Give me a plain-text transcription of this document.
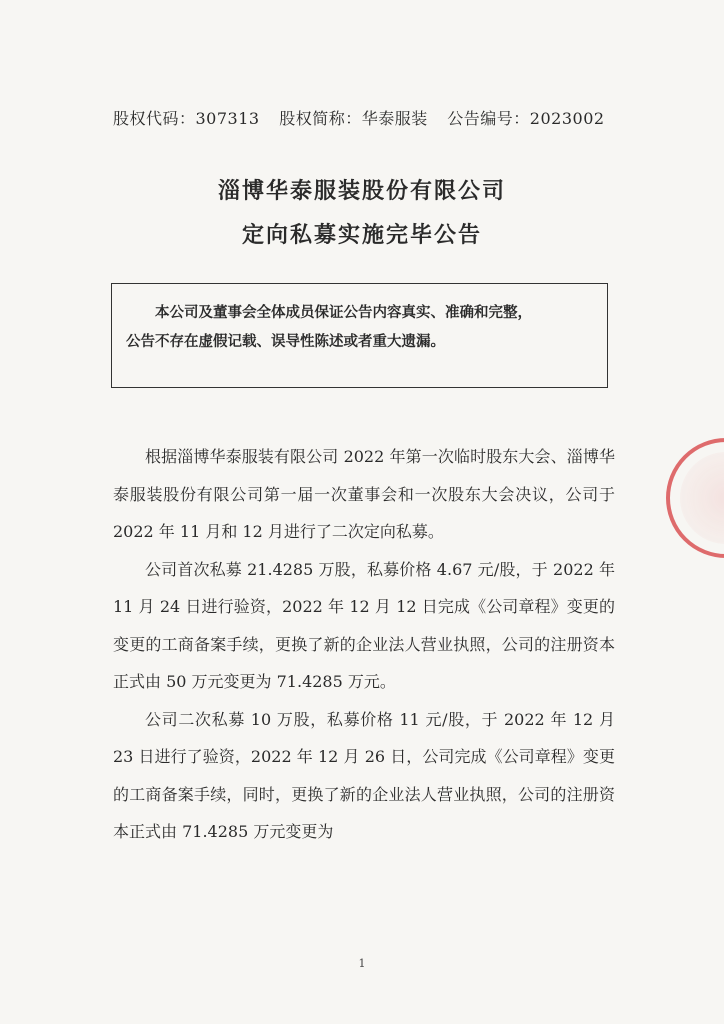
股权代码：307313 股权简称：华泰服装 公告编号：2023002
淄博华泰服装股份有限公司
定向私募实施完毕公告

本公司及董事会全体成员保证公告内容真实、准确和完整，

公告不存在虚假记载、误导性陈述或者重大遗漏。

根据淄博华泰服装有限公司 2022 年第一次临时股东大会、淄博华泰服装股份有限公司第一届一次董事会和一次股东大会决议，公司于 2022 年 11 月和 12 月进行了二次定向私募。

公司首次私募 21.4285 万股，私募价格 4.67 元/股，于 2022 年 11 月 24 日进行验资，2022 年 12 月 12 日完成《公司章程》变更的变更的工商备案手续，更换了新的企业法人营业执照，公司的注册资本正式由 50 万元变更为 71.4285 万元。

公司二次私募 10 万股，私募价格 11 元/股，于 2022 年 12 月 23 日进行了验资，2022 年 12 月 26 日，公司完成《公司章程》变更的工商备案手续，同时，更换了新的企业法人营业执照，公司的注册资本正式由 71.4285 万元变更为

1
